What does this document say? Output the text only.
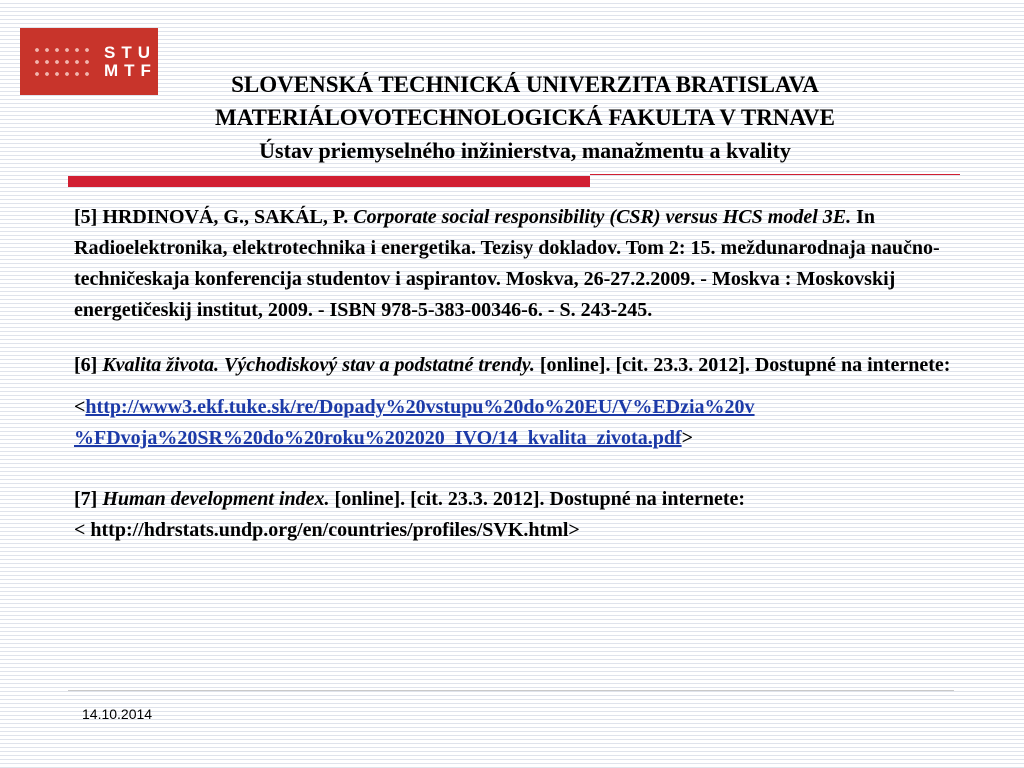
STU
MTF
SLOVENSKÁ TECHNICKÁ UNIVERZITA BRATISLAVA
MATERIÁLOVOTECHNOLOGICKÁ FAKULTA V TRNAVE
Ústav priemyselného inžinierstva, manažmentu a kvality

[5] HRDINOVÁ, G., SAKÁL, P. Corporate social responsibility (CSR) versus HCS model 3E. In Radioelektronika, elektrotechnika i energetika. Tezisy dokladov. Tom 2: 15. meždunarodnaja naučno-techničeskaja konferencija studentov i aspirantov. Moskva, 26-27.2.2009. - Moskva : Moskovskij energetičeskij institut, 2009. - ISBN 978-5-383-00346-6. - S. 243-245.

[6] Kvalita života. Východiskový stav a podstatné trendy. [online]. [cit. 23.3. 2012]. Dostupné na internete:

<http://www3.ekf.tuke.sk/re/Dopady%20vstupu%20do%20EU/V%EDzia%20v
%FDvoja%20SR%20do%20roku%202020_IVO/14_kvalita_zivota.pdf>

[7] Human development index. [online]. [cit. 23.3. 2012]. Dostupné na internete:
< http://hdrstats.undp.org/en/countries/profiles/SVK.html>

14.10.2014
